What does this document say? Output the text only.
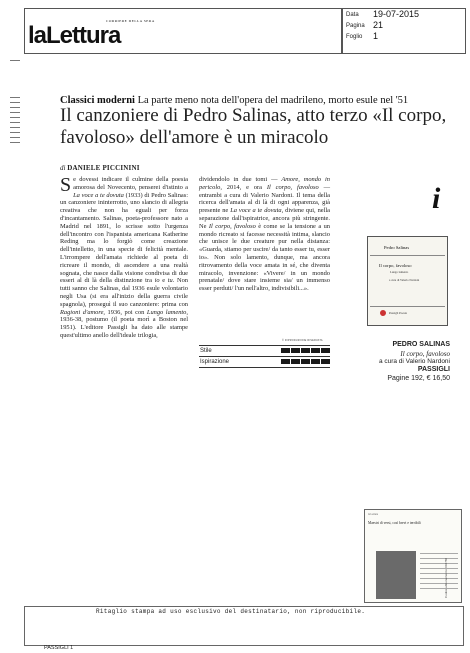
laLettura
CORRIERE DELLA SERA
Data 19-07-2015
Pagina 21
Foglio 1
Classici moderni La parte meno nota dell'opera del madrileno, morto esule nel '51
Il canzoniere di Pedro Salinas, atto terzo «Il corpo, favoloso» dell'amore è un miracolo
di DANIELE PICCININI
Se dovessi indicare il culmine della poesia amorosa del Novecento, penserei d'istinto a La voce a te dovuta (1933) di Pedro Salinas: un canzoniere ininterrotto, uno slancio di allegria creativa che non ha eguali per forza d'incantamento. Salinas, poeta-professore nato a Madrid nel 1891, lo scrisse sotto l'urgenza dell'incontro con l'ispanista americana Katherine Reding ma lo forgiò come creazione dell'intelletto, in una specie di felicità mentale. L'irrompere dell'amata richiede al poeta di ricreare il mondo, di ascendere a una realtà sognata, che nasce dalla visione condivisa di due esseri al di là della distinzione tra io e tu. Non tutti sanno che Salinas, dal 1936 esule volontario negli Usa (si era all'inizio della guerra civile spagnola), proseguì il suo canzoniere: prima con Ragioni d'amore, 1936, poi con Lungo lamento, 1936-38, postumo (il poeta morì a Boston nel 1951). L'editore Passigli ha dato alle stampe quest'ultimo anello dell'ideale trilogia,
dividendolo in due tomi — Amore, mondo in pericolo, 2014, e ora Il corpo, favoloso — entrambi a cura di Valerio Nardoni. Il tema della ricerca dell'amata al di là di ogni apparenza, già presente ne La voce a te dovuta, diviene qui, nella separazione dall'ispiratrice, ancora più stringente. Ne Il corpo, favoloso è come se la tensione a un mondo ricreato si facesse necessità intima, slancio che unisce le due creature pur nella distanza: «Guarda, stiamo per uscire/ da tanto esser tu, esser io». Non solo lamento, dunque, ma ancora ritrovamento della voce amata in sé, che diventa miracolo, invenzione: «Vivere/ in un mondo prenatale/ dove stare insieme sia/ un immenso esser perduti/ l'un nell'altro, indivisibili...».
© RIPRODUZIONE RISERVATA
Stile
Ispirazione
i
Pedro Salinas
Il corpo, favoloso
Lungo lamento
a cura di Valerio Nardoni
Passigli Poesia
PEDRO SALINAS
Il corpo, favoloso
a cura di Valerio Nardoni
PASSIGLI
Pagine 192, € 16,50
la Lettura
Maestri di versi, così brevi e terribili
Codice abbonamento: 004786
Ritaglio stampa ad uso esclusivo del destinatario, non riproducibile.
PASSIGLI 1
